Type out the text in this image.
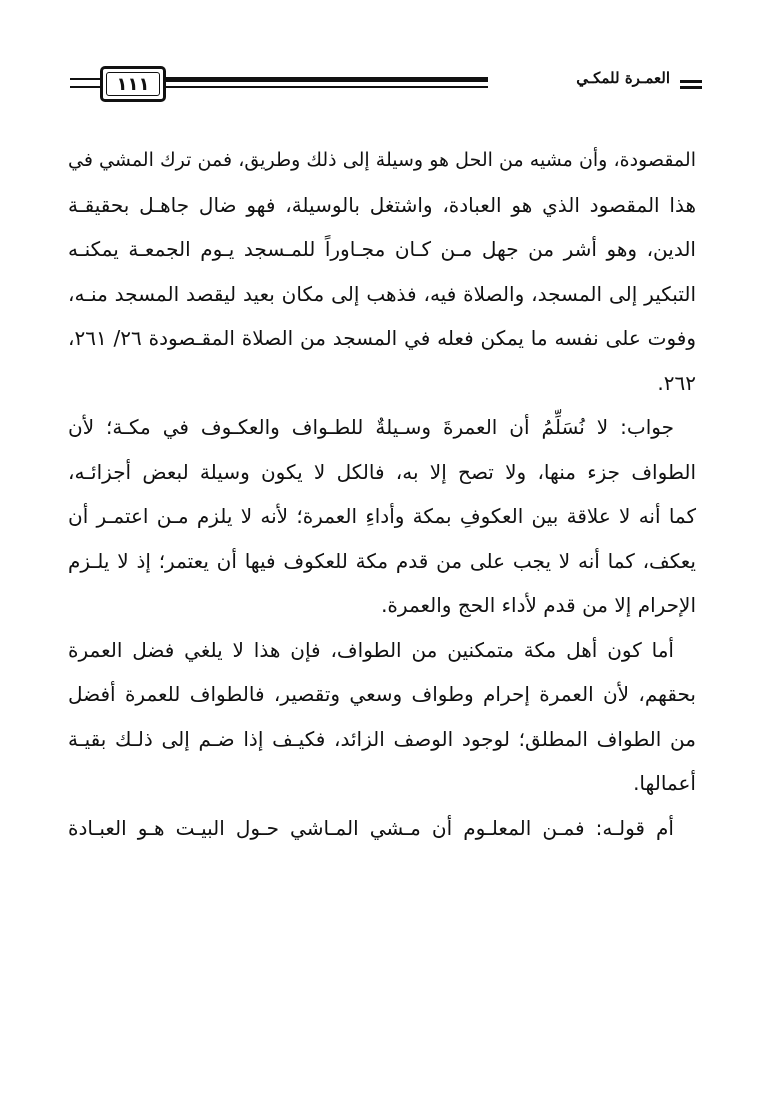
١١١	العمـرة للمكـي
المقصودة، وأن مشيه من الحل هو وسيلة إلى ذلك وطريق، فمن ترك المشي في
هذا المقصود الذي هو العبادة، واشتغل بالوسيلة، فهو ضال جاهـل بحقيقـة
الدين، وهو أشر من جهل مـن كـان مجـاوراً للمـسجد يـوم الجمعـة يمكنـه
التبكير إلى المسجد، والصلاة فيه، فذهب إلى مكان بعيد ليقصد المسجد منـه،
وفوت على نفسه ما يمكن فعله في المسجد من الصلاة المقـصودة ٢٦/ ٢٦١،
٢٦٢.
جواب: لا نُسَلِّمُ أن العمرةَ وسـيلةٌ للطـواف والعكـوف في مكـة؛ لأن
الطواف جزء منها، ولا تصح إلا به، فالكل لا يكون وسيلة لبعض أجزائـه،
كما أنه لا علاقة بين العكوفِ بمكة وأداءِ العمرة؛ لأنه لا يلزم مـن اعتمـر أن
يعكف، كما أنه لا يجب على من قدم مكة للعكوف فيها أن يعتمر؛ إذ لا يلـزم
الإحرام إلا من قدم لأداء الحج والعمرة.
أما كون أهل مكة متمكنين من الطواف، فإن هذا لا يلغي فضل العمرة
بحقهم، لأن العمرة إحرام وطواف وسعي وتقصير، فالطواف للعمرة أفضل
من الطواف المطلق؛ لوجود الوصف الزائد، فكيـف إذا ضـم إلى ذلـك بقيـة
أعمالها.
أم قولـه: فمـن المعلـوم أن مـشي المـاشي حـول البيـت هـو العبـادة
